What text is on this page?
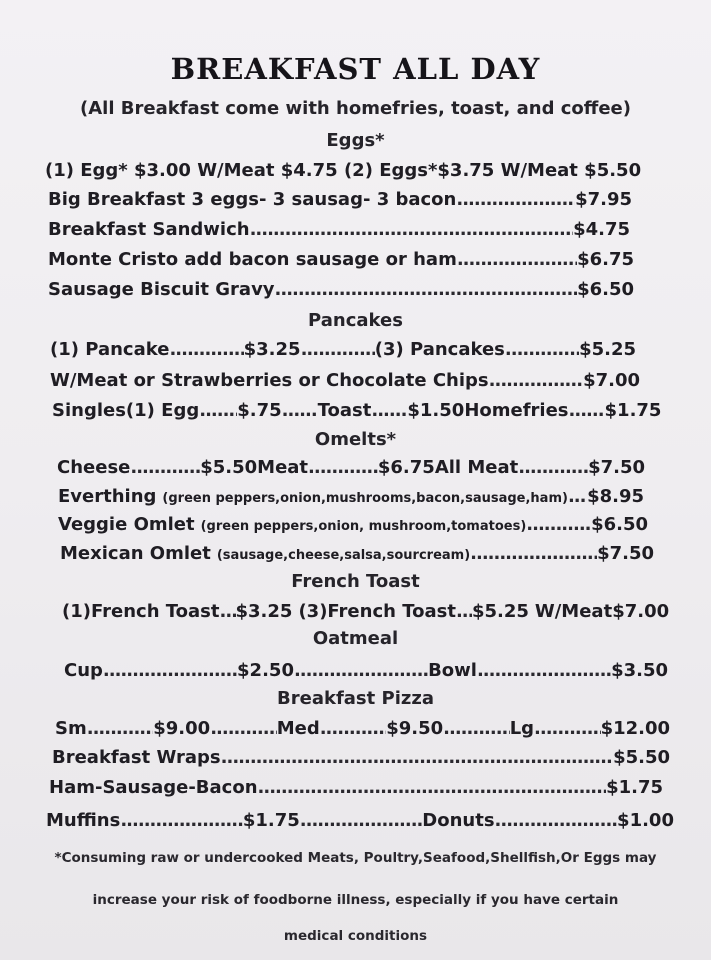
BREAKFAST ALL DAY
(All Breakfast come with homefries, toast, and coffee)
Eggs*
(1) Egg* $3.00 W/Meat $4.75 (2) Eggs*$3.75 W/Meat $5.50
Big Breakfast 3 eggs- 3 sausag- 3 bacon .....	$7.95
Breakfast Sandwich .....	$4.75
Monte Cristo add bacon sausage or ham .....	$6.75
Sausage Biscuit Gravy .....	$6.50
Pancakes
(1) Pancake .....	$3.25 .....	(3) Pancakes .....	$5.25
W/Meat or Strawberries or Chocolate Chips .....	$7.00
Singles(1) Egg ..... $.75 ..... Toast ..... $1.50 Homefries ..... $1.75
Omelts*
Cheese .....	$5.50 Meat .....	$6.75 All Meat .....	$7.50
Everthing (green peppers,onion,mushrooms,bacon,sausage,ham) ..... $8.95
Veggie Omlet (green peppers,onion, mushroom,tomatoes) .....	$6.50
Mexican Omlet (sausage,cheese,salsa,sourcream) .....	$7.50
French Toast
(1)French Toast ..... $3.25 (3)French Toast ..... $5.25 W/Meat $7.00
Oatmeal
Cup .....	$2.50 .....	Bowl .....	$3.50
Breakfast Pizza
Sm .....	$9.00 .....	Med .....	$9.50 .....	Lg .....	$12.00
Breakfast Wraps .....	$5.50
Ham-Sausage-Bacon .....	$1.75
Muffins .....	$1.75 .....	Donuts .....	$1.00
*Consuming raw or undercooked Meats, Poultry,Seafood,Shellfish,Or Eggs may
increase your risk of foodborne illness, especially if you have certain
medical conditions
